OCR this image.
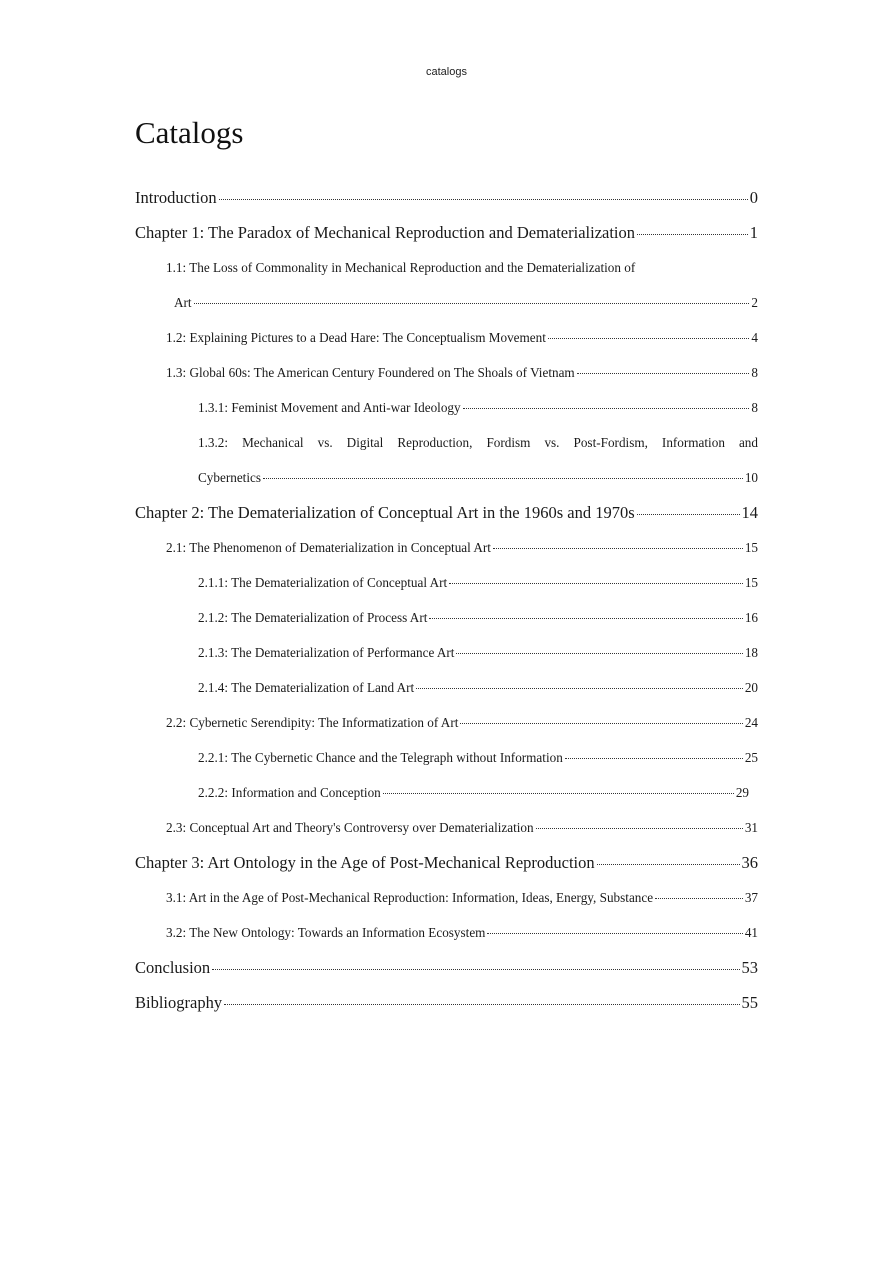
catalogs
Catalogs
Introduction	0
Chapter 1: The Paradox of Mechanical Reproduction and Dematerialization	1
1.1: The Loss of Commonality in Mechanical Reproduction and the Dematerialization of
Art	2
1.2: Explaining Pictures to a Dead Hare: The Conceptualism Movement	4
1.3: Global 60s: The American Century Foundered on The Shoals of Vietnam	8
1.3.1: Feminist Movement and Anti-war Ideology	8
1.3.2: Mechanical vs. Digital Reproduction, Fordism vs. Post-Fordism, Information and
Cybernetics	10
Chapter 2: The Dematerialization of Conceptual Art in the 1960s and 1970s	14
2.1: The Phenomenon of Dematerialization in Conceptual Art	15
2.1.1: The Dematerialization of Conceptual Art	15
2.1.2: The Dematerialization of Process Art	16
2.1.3: The Dematerialization of Performance Art	18
2.1.4: The Dematerialization of Land Art	20
2.2: Cybernetic Serendipity: The Informatization of Art	24
2.2.1: The Cybernetic Chance and the Telegraph without Information	25
2.2.2: Information and Conception	29
2.3: Conceptual Art and Theory's Controversy over Dematerialization	31
Chapter 3: Art Ontology in the Age of Post-Mechanical Reproduction	36
3.1: Art in the Age of Post-Mechanical Reproduction: Information, Ideas, Energy, Substance	37
3.2: The New Ontology: Towards an Information Ecosystem	41
Conclusion	53
Bibliography	55
